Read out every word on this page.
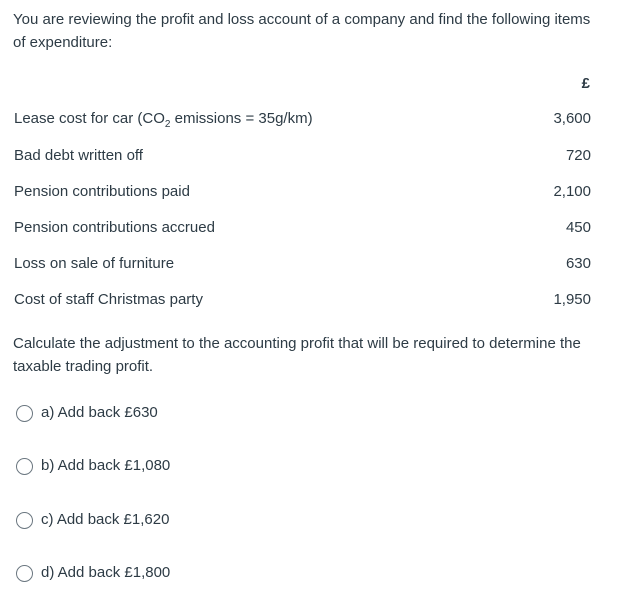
You are reviewing the profit and loss account of a company and find the following items of expenditure:
£
Lease cost for car ($CO_2$ emissions = 35g/km)	3,600
Bad debt written off	720
Pension contributions paid	2,100
Pension contributions accrued	450
Loss on sale of furniture	630
Cost of staff Christmas party	1,950
Calculate the adjustment to the accounting profit that will be required to determine the taxable trading profit.
a) Add back £630
b) Add back £1,080
c) Add back £1,620
d) Add back £1,800
